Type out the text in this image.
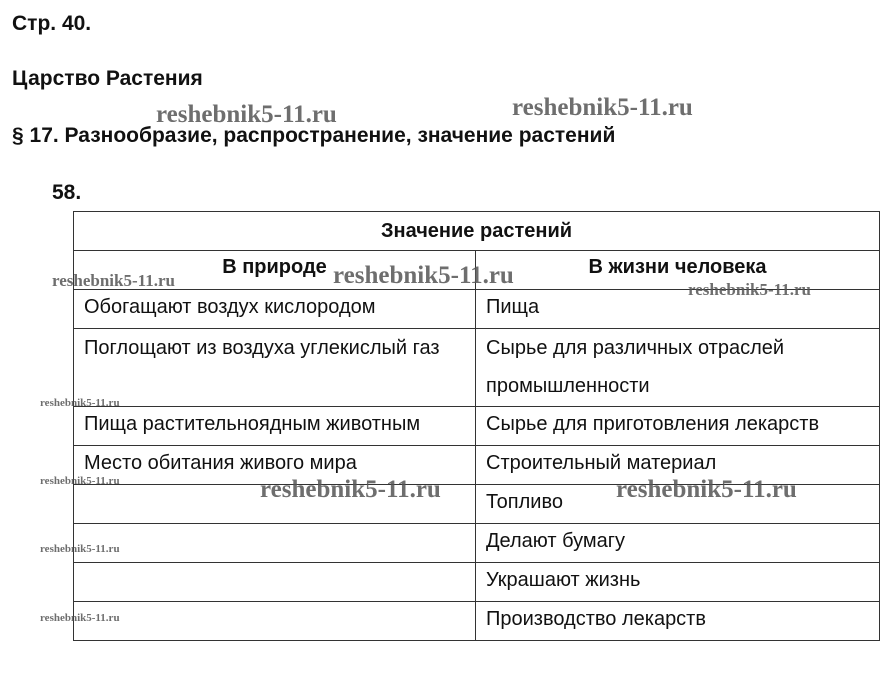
Стр. 40.
Царство Растения
§ 17. Разнообразие, распространение, значение растений
58.
Значение растений	
В природе	В жизни человека
Обогащают воздух кислородом	Пища
Поглощают из воздуха углекислый газ	Сырье для различных отраслей промышленности
Пища растительноядным животным	Сырье для приготовления лекарств
Место обитания живого мира	Строительный материал
	Топливо
	Делают бумагу
	Украшают жизнь
	Производство лекарств
reshebnik5-11.ru	reshebnik5-11.ru
reshebnik5-11.ru	reshebnik5-11.ru
reshebnik5-11.ru
reshebnik5-11.ru
reshebnik5-11.ru	reshebnik5-11.ru	reshebnik5-11.ru
reshebnik5-11.ru
reshebnik5-11.ru
